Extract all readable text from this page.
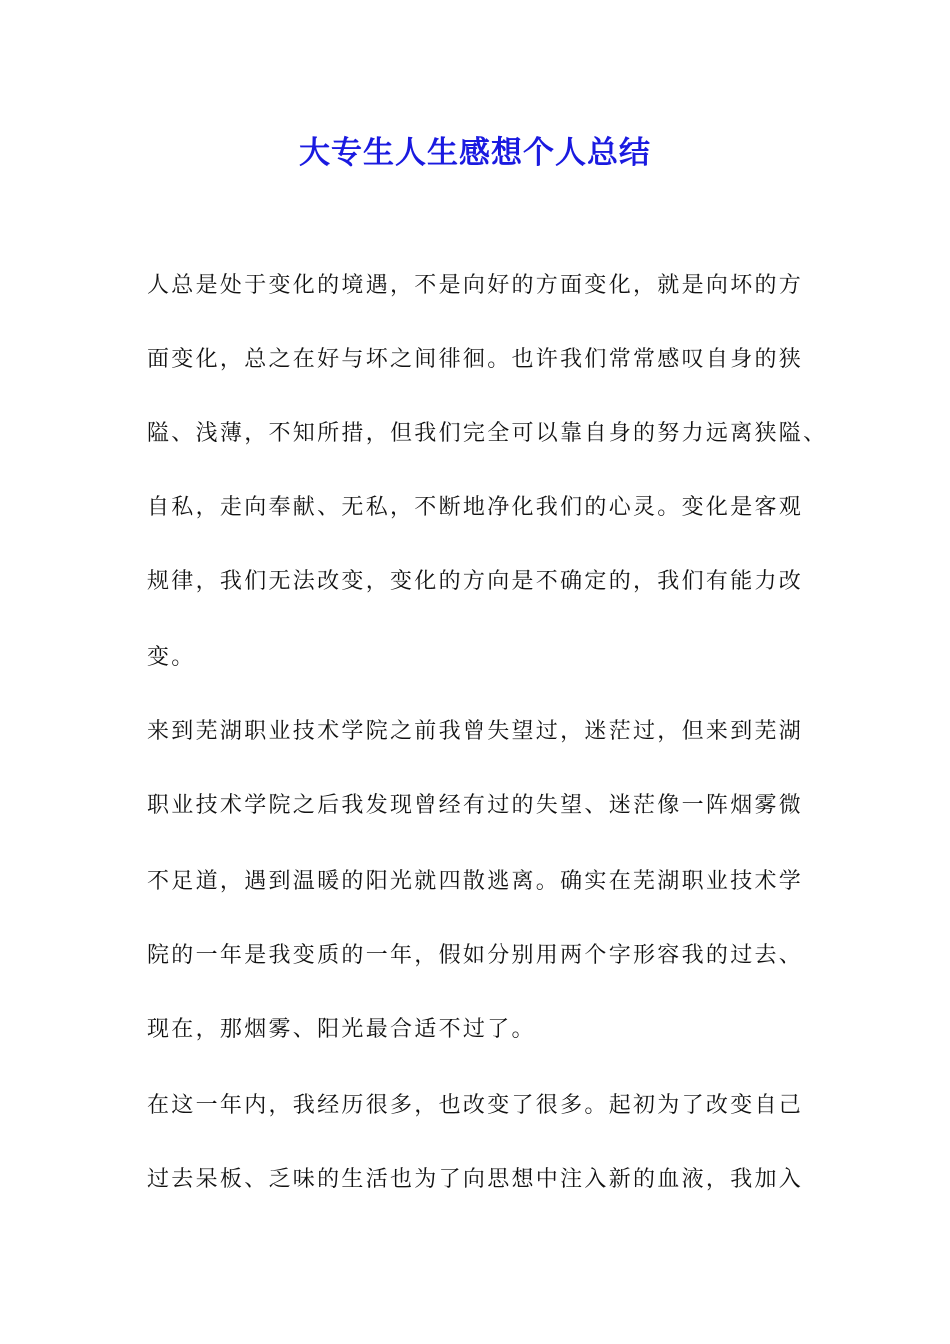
大专生人生感想个人总结
人总是处于变化的境遇，不是向好的方面变化，就是向坏的方
面变化，总之在好与坏之间徘徊。也许我们常常感叹自身的狭
隘、浅薄，不知所措，但我们完全可以靠自身的努力远离狭隘、
自私，走向奉献、无私，不断地净化我们的心灵。变化是客观
规律，我们无法改变，变化的方向是不确定的，我们有能力改
变。
来到芜湖职业技术学院之前我曾失望过，迷茫过，但来到芜湖
职业技术学院之后我发现曾经有过的失望、迷茫像一阵烟雾微
不足道，遇到温暖的阳光就四散逃离。确实在芜湖职业技术学
院的一年是我变质的一年，假如分别用两个字形容我的过去、
现在，那烟雾、阳光最合适不过了。
在这一年内，我经历很多，也改变了很多。起初为了改变自己
过去呆板、乏味的生活也为了向思想中注入新的血液，我加入
